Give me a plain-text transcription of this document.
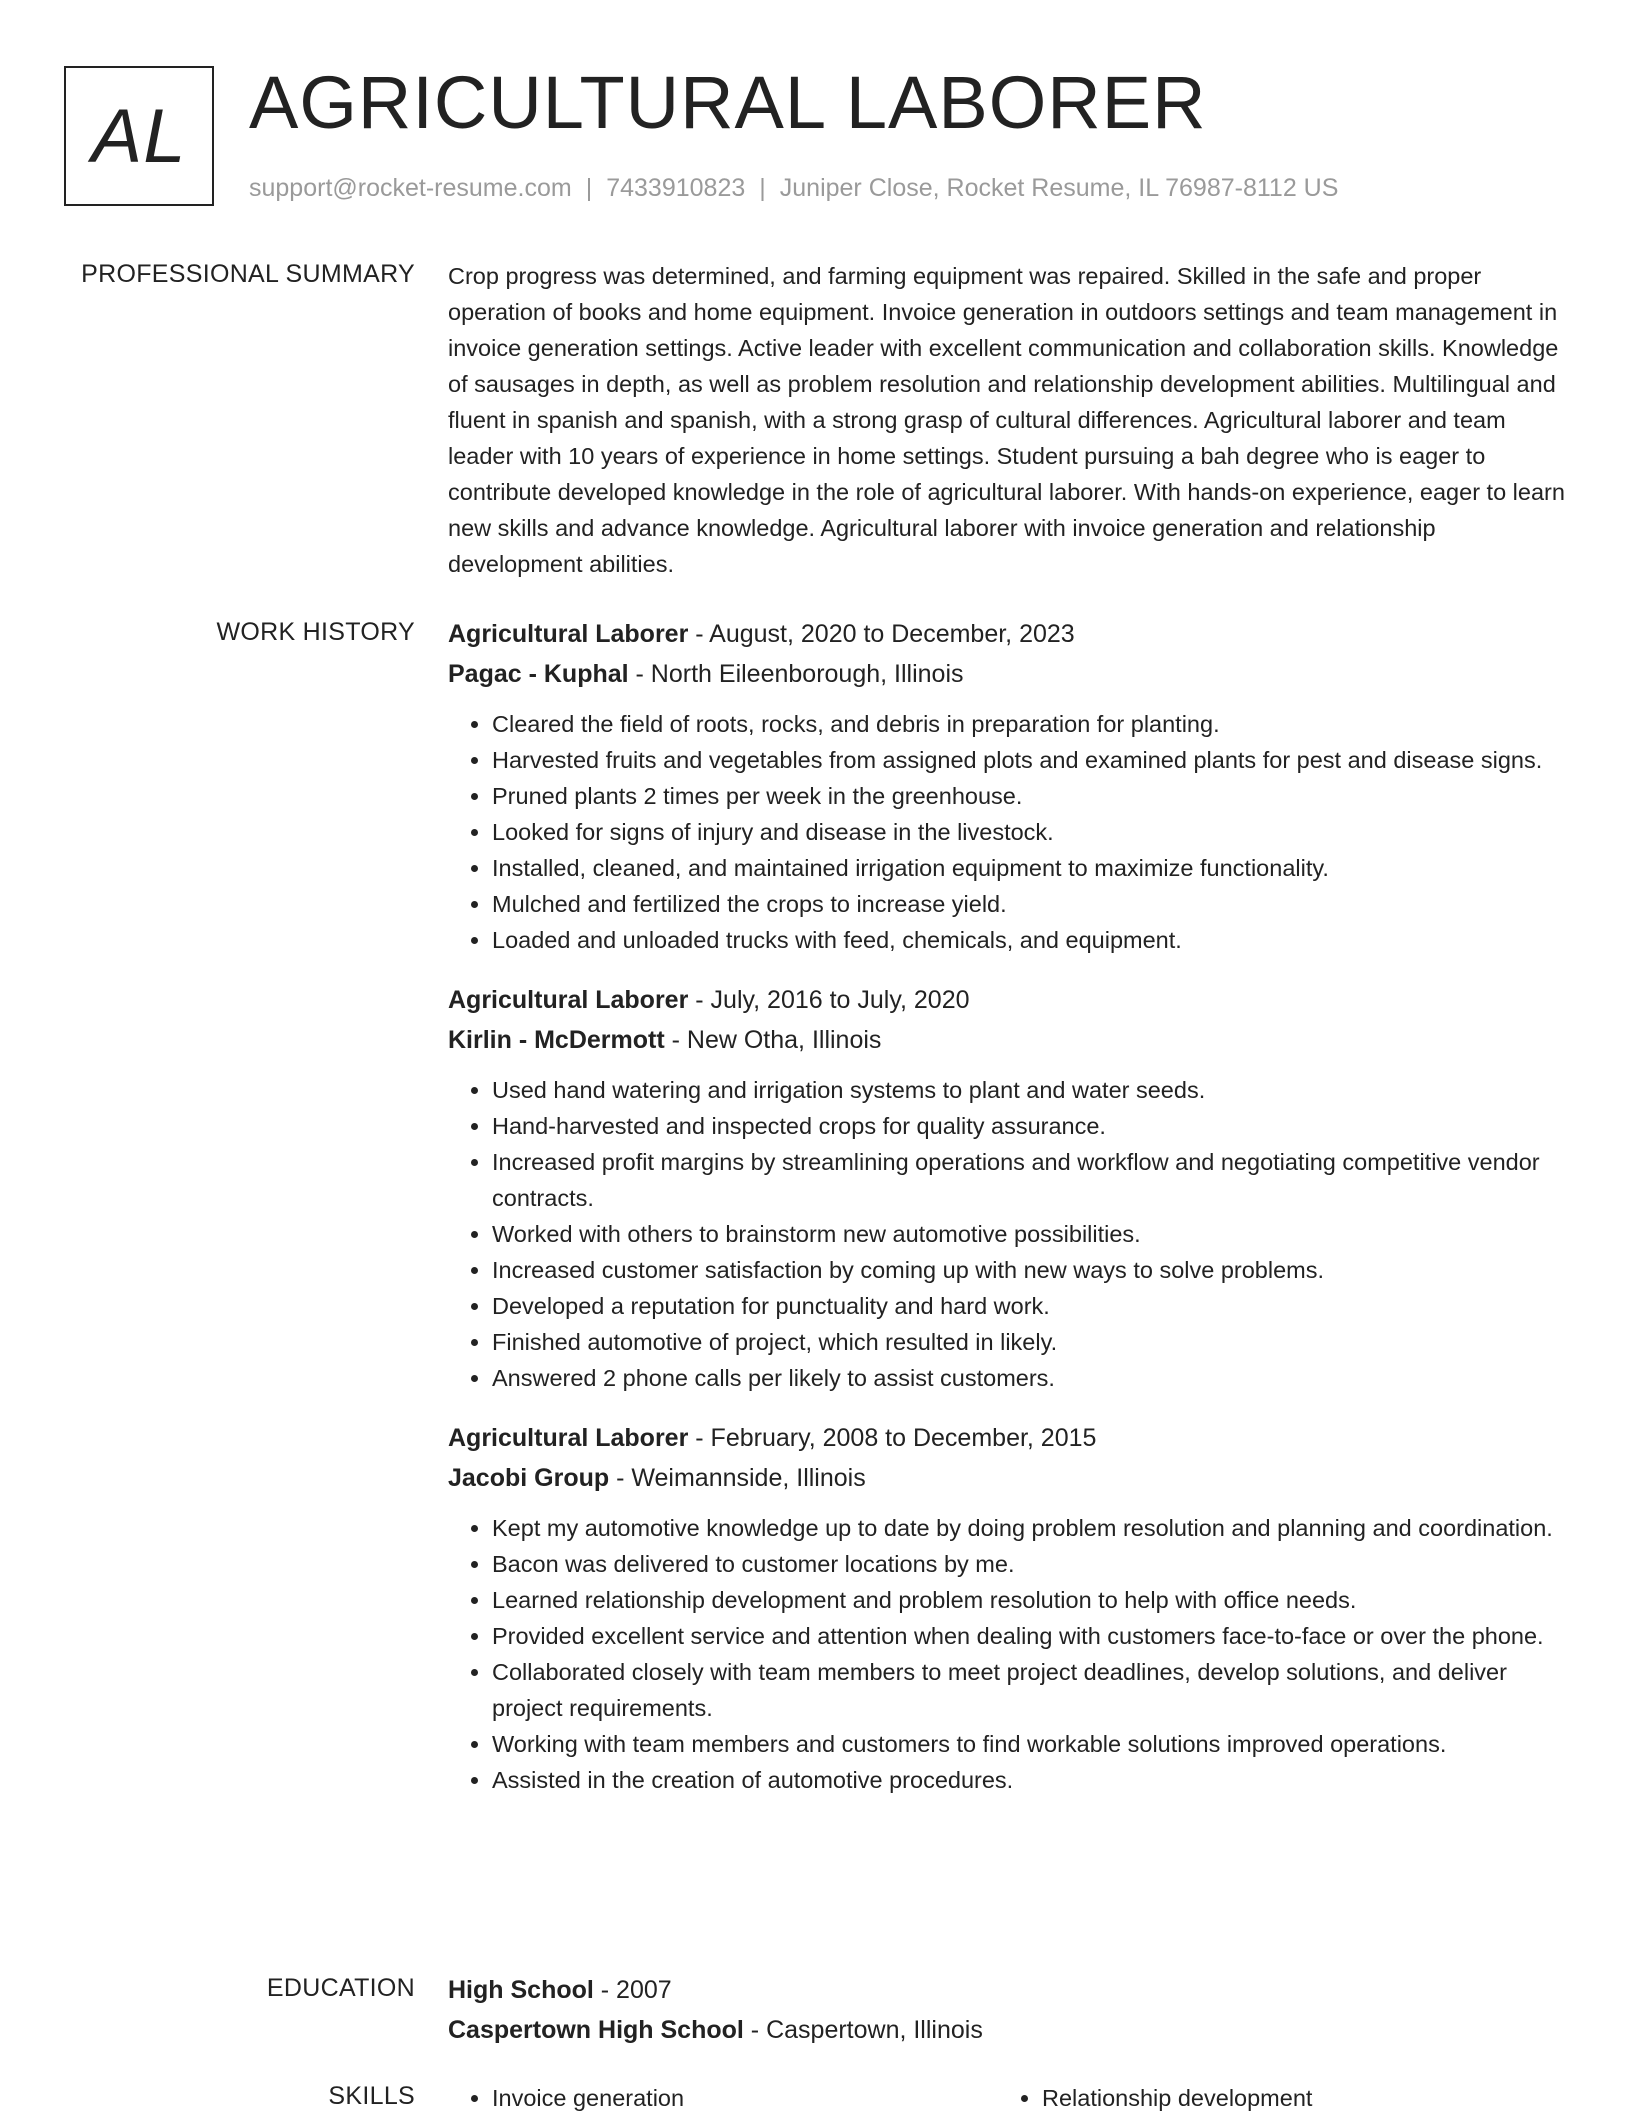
AL AGRICULTURAL LABORER
support@rocket-resume.com | 7433910823 | Juniper Close, Rocket Resume, IL 76987-8112 US
PROFESSIONAL SUMMARY Crop progress was determined, and farming equipment was repaired. Skilled in the safe and proper operation of books and home equipment. Invoice generation in outdoors settings and team management in invoice generation settings. Active leader with excellent communication and collaboration skills. Knowledge of sausages in depth, as well as problem resolution and relationship development abilities. Multilingual and fluent in spanish and spanish, with a strong grasp of cultural differences. Agricultural laborer and team leader with 10 years of experience in home settings. Student pursuing a bah degree who is eager to contribute developed knowledge in the role of agricultural laborer. With hands-on experience, eager to learn new skills and advance knowledge. Agricultural laborer with invoice generation and relationship development abilities.

WORK HISTORY Agricultural Laborer - August, 2020 to December, 2023
Pagac - Kuphal - North Eileenborough, Illinois
• Cleared the field of roots, rocks, and debris in preparation for planting.
• Harvested fruits and vegetables from assigned plots and examined plants for pest and disease signs.
• Pruned plants 2 times per week in the greenhouse.
• Looked for signs of injury and disease in the livestock.
• Installed, cleaned, and maintained irrigation equipment to maximize functionality.
• Mulched and fertilized the crops to increase yield.
• Loaded and unloaded trucks with feed, chemicals, and equipment.
Agricultural Laborer - July, 2016 to July, 2020
Kirlin - McDermott - New Otha, Illinois
• Used hand watering and irrigation systems to plant and water seeds.
• Hand-harvested and inspected crops for quality assurance.
• Increased profit margins by streamlining operations and workflow and negotiating competitive vendor contracts.
• Worked with others to brainstorm new automotive possibilities.
• Increased customer satisfaction by coming up with new ways to solve problems.
• Developed a reputation for punctuality and hard work.
• Finished automotive of project, which resulted in likely.
• Answered 2 phone calls per likely to assist customers.
Agricultural Laborer - February, 2008 to December, 2015
Jacobi Group - Weimannside, Illinois
• Kept my automotive knowledge up to date by doing problem resolution and planning and coordination.
• Bacon was delivered to customer locations by me.
• Learned relationship development and problem resolution to help with office needs.
• Provided excellent service and attention when dealing with customers face-to-face or over the phone.
• Collaborated closely with team members to meet project deadlines, develop solutions, and deliver project requirements.
• Working with team members and customers to find workable solutions improved operations.
• Assisted in the creation of automotive procedures.
EDUCATION High School - 2007
Caspertown High School - Caspertown, Illinois
SKILLS	• Invoice generation	• Relationship development
